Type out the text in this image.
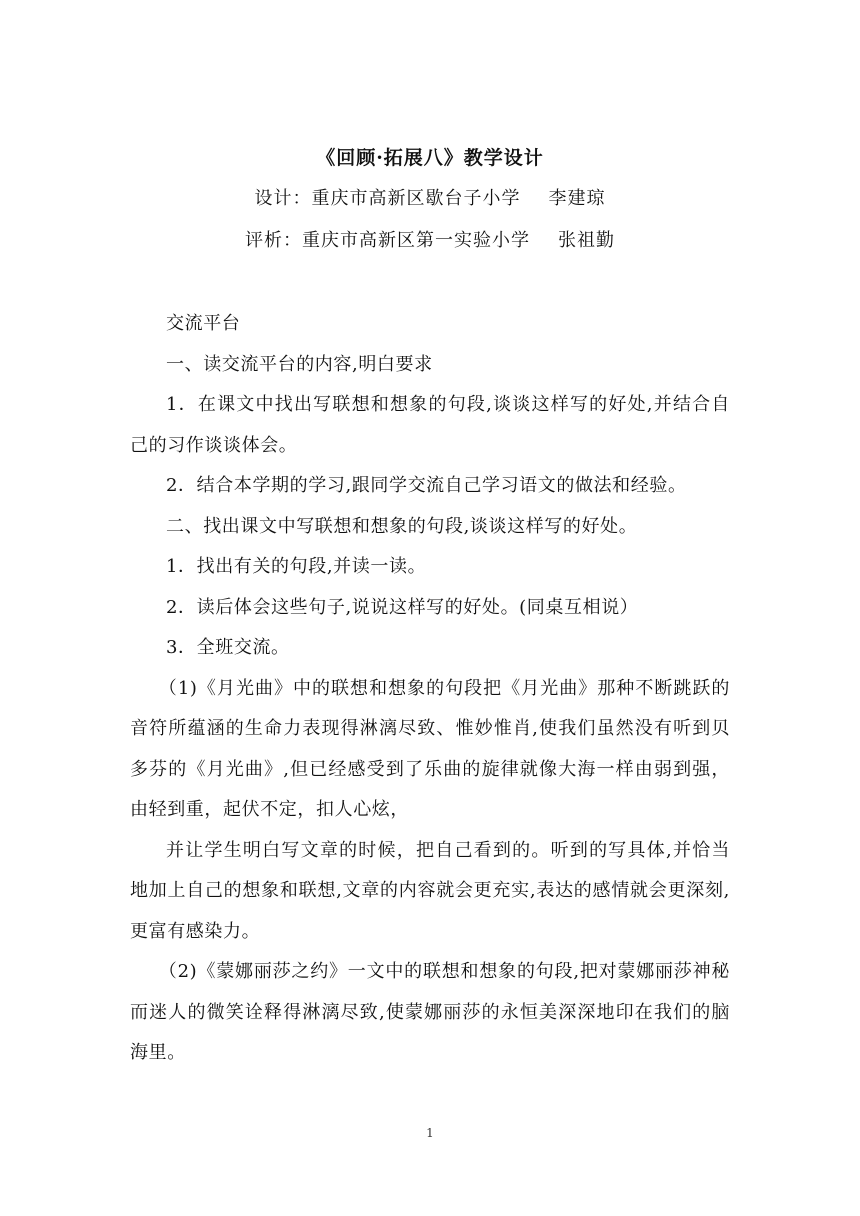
《回顾·拓展八》教学设计
设计：重庆市高新区歇台子小学 李建琼
评析：重庆市高新区第一实验小学 张祖勤

交流平台

一、读交流平台的内容,明白要求

1．在课文中找出写联想和想象的句段,谈谈这样写的好处,并结合自己的习作谈谈体会。

2．结合本学期的学习,跟同学交流自己学习语文的做法和经验。

二、找出课文中写联想和想象的句段,谈谈这样写的好处。

1．找出有关的句段,并读一读。

2．读后体会这些句子,说说这样写的好处。(同桌互相说）

3．全班交流。

（1)《月光曲》中的联想和想象的句段把《月光曲》那种不断跳跃的音符所蕴涵的生命力表现得淋漓尽致、惟妙惟肖,使我们虽然没有听到贝多芬的《月光曲》,但已经感受到了乐曲的旋律就像大海一样由弱到强，由轻到重，起伏不定，扣人心炫，

并让学生明白写文章的时候，把自己看到的。听到的写具体,并恰当地加上自己的想象和联想,文章的内容就会更充实,表达的感情就会更深刻,更富有感染力。

（2)《蒙娜丽莎之约》一文中的联想和想象的句段,把对蒙娜丽莎神秘而迷人的微笑诠释得淋漓尽致,使蒙娜丽莎的永恒美深深地印在我们的脑海里。

1
